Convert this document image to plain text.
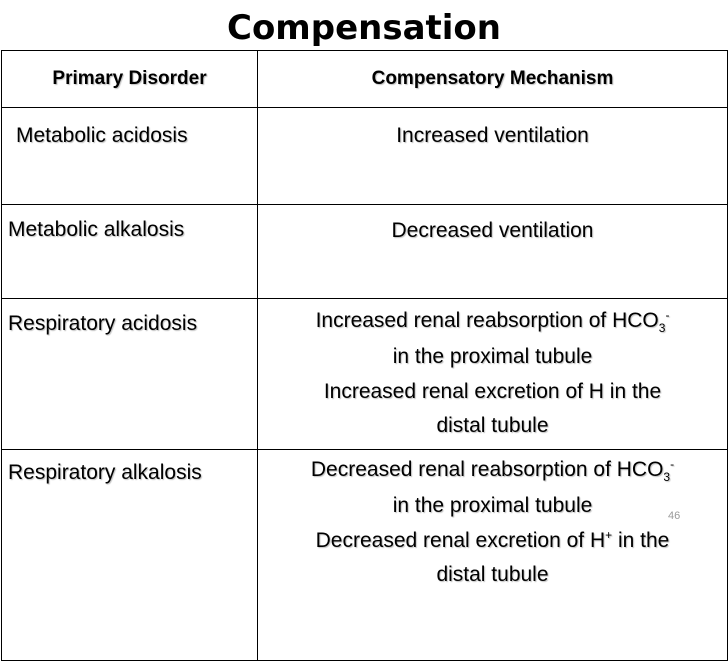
Compensation
Primary Disorder	Compensatory Mechanism
Metabolic acidosis	Increased ventilation
Metabolic alkalosis	Decreased ventilation
Respiratory acidosis	Increased renal reabsorption of $HCO_3^-$
in the proximal tubule
Increased renal excretion of H in the
distal tubule

Respiratory alkalosis	Decreased renal reabsorption of $HCO_3^-$
in the proximal tubule
Decreased renal excretion of H+ in the
distal tubule
46
